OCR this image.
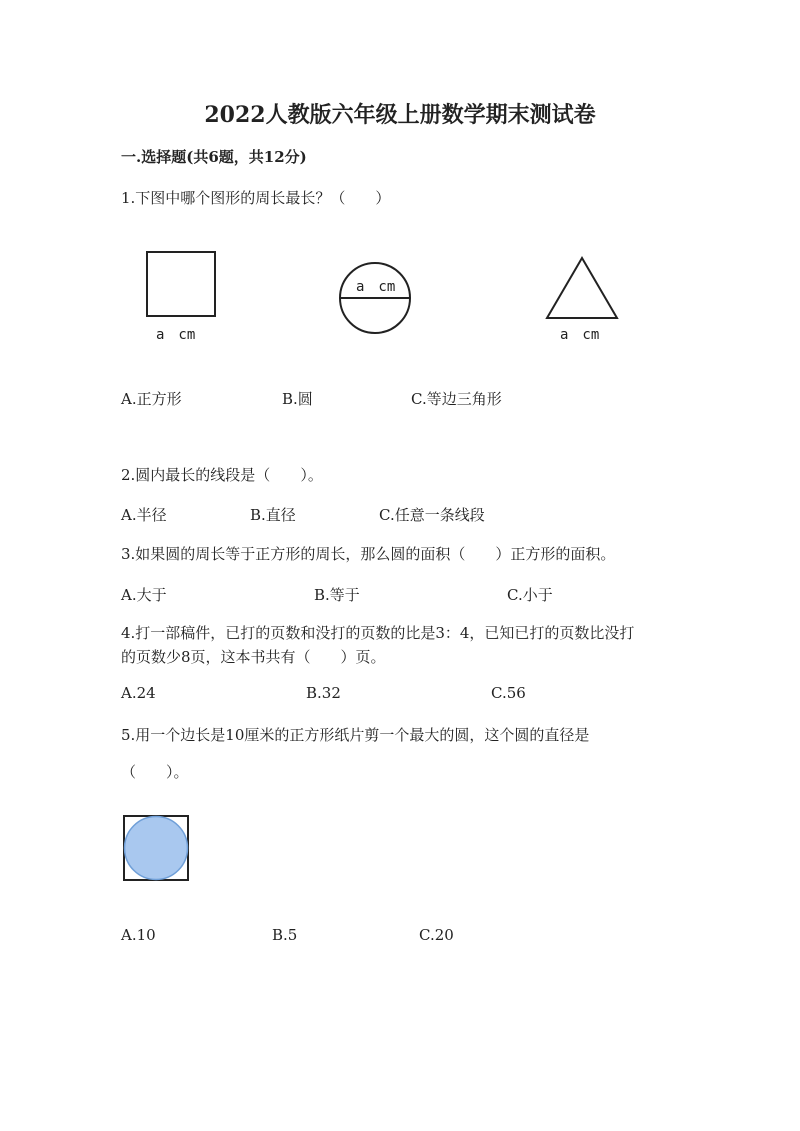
2022人教版六年级上册数学期末测试卷
一.选择题(共6题，共12分)
1.下图中哪个图形的周长最长？（　　）
a　cm
a　cm
a　cm
A.正方形	B.圆	C.等边三角形
2.圆内最长的线段是（　　）。
A.半径	B.直径	C.任意一条线段
3.如果圆的周长等于正方形的周长，那么圆的面积（　　）正方形的面积。
A.大于	B.等于	C.小于
4.打一部稿件，已打的页数和没打的页数的比是3：4，已知已打的页数比没打
的页数少8页，这本书共有（　　）页。
A.24	B.32	C.56
5.用一个边长是10厘米的正方形纸片剪一个最大的圆，这个圆的直径是
（　　）。
A.10	B.5	C.20
